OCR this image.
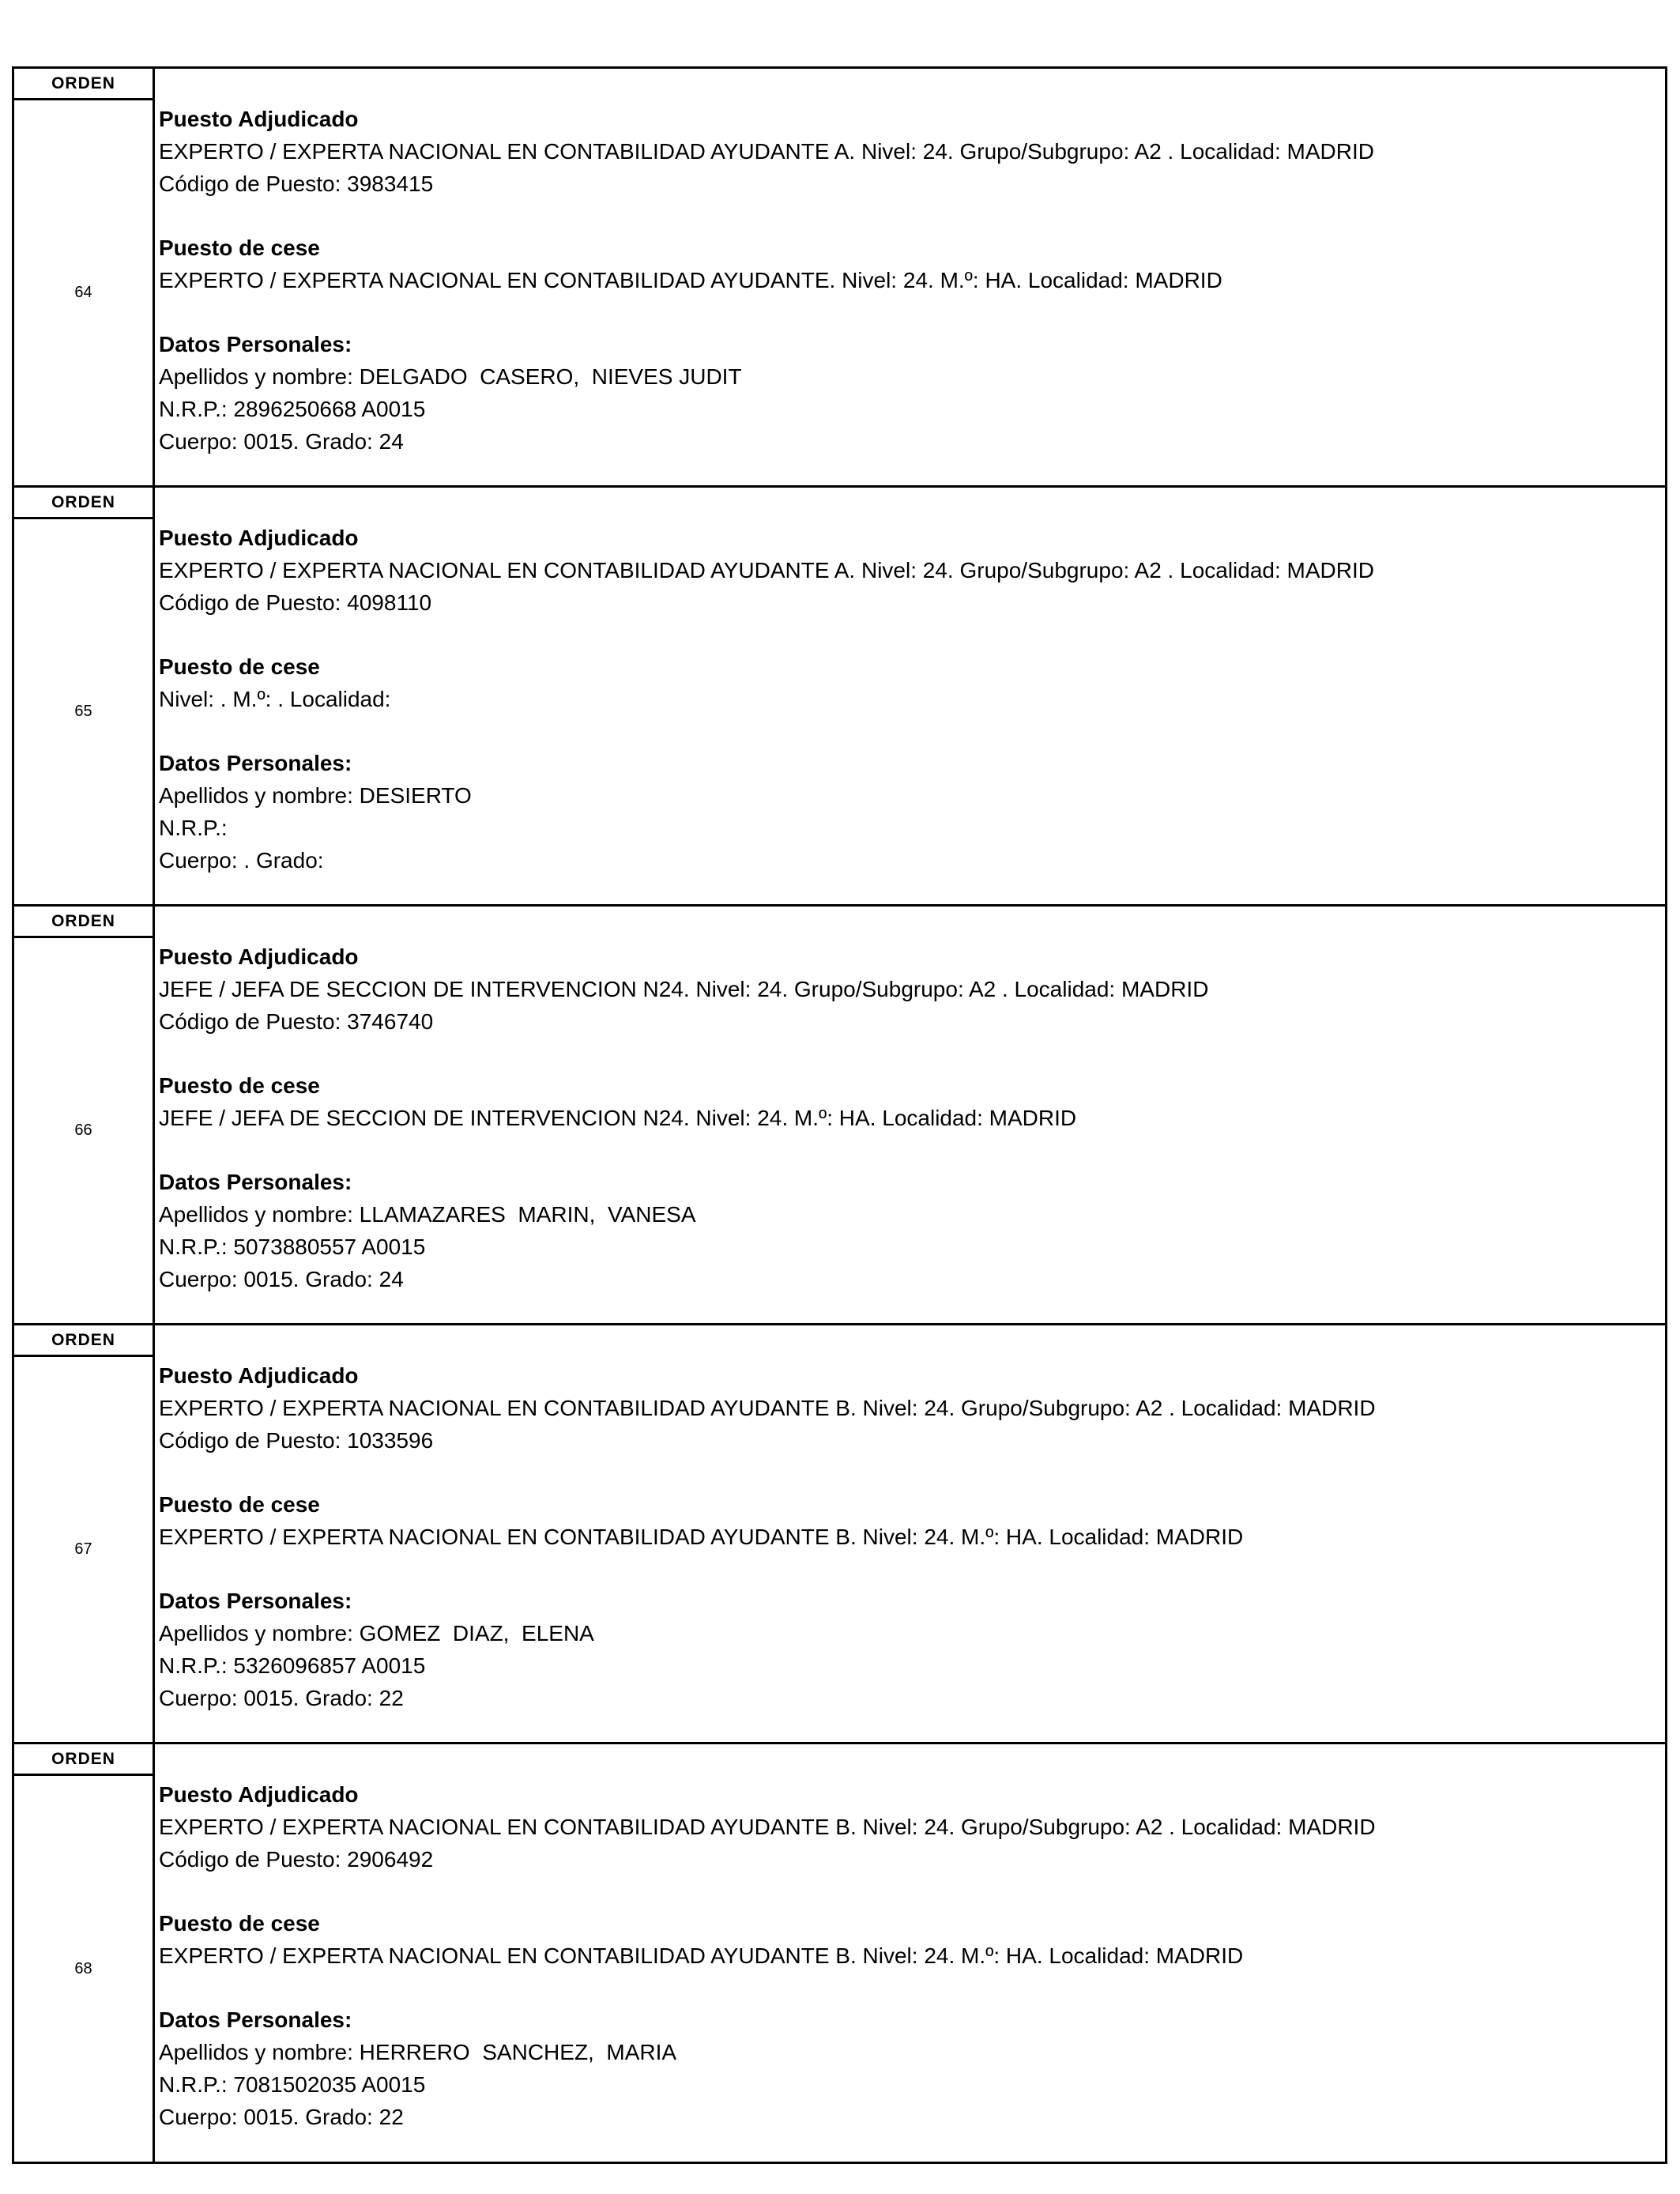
ORDEN
64
Puesto Adjudicado
EXPERTO / EXPERTA NACIONAL EN CONTABILIDAD AYUDANTE A. Nivel: 24. Grupo/Subgrupo: A2 . Localidad: MADRID
Código de Puesto: 3983415
Puesto de cese
EXPERTO / EXPERTA NACIONAL EN CONTABILIDAD AYUDANTE. Nivel: 24. M.º: HA. Localidad: MADRID
Datos Personales:
Apellidos y nombre: DELGADO  CASERO,  NIEVES JUDIT
N.R.P.: 2896250668 A0015
Cuerpo: 0015. Grado: 24
ORDEN
65
Puesto Adjudicado
EXPERTO / EXPERTA NACIONAL EN CONTABILIDAD AYUDANTE A. Nivel: 24. Grupo/Subgrupo: A2 . Localidad: MADRID
Código de Puesto: 4098110
Puesto de cese
Nivel: . M.º: . Localidad:
Datos Personales:
Apellidos y nombre: DESIERTO
N.R.P.:
Cuerpo: . Grado:
ORDEN
66
Puesto Adjudicado
JEFE / JEFA DE SECCION DE INTERVENCION N24. Nivel: 24. Grupo/Subgrupo: A2 . Localidad: MADRID
Código de Puesto: 3746740
Puesto de cese
JEFE / JEFA DE SECCION DE INTERVENCION N24. Nivel: 24. M.º: HA. Localidad: MADRID
Datos Personales:
Apellidos y nombre: LLAMAZARES  MARIN,  VANESA
N.R.P.: 5073880557 A0015
Cuerpo: 0015. Grado: 24
ORDEN
67
Puesto Adjudicado
EXPERTO / EXPERTA NACIONAL EN CONTABILIDAD AYUDANTE B. Nivel: 24. Grupo/Subgrupo: A2 . Localidad: MADRID
Código de Puesto: 1033596
Puesto de cese
EXPERTO / EXPERTA NACIONAL EN CONTABILIDAD AYUDANTE B. Nivel: 24. M.º: HA. Localidad: MADRID
Datos Personales:
Apellidos y nombre: GOMEZ  DIAZ,  ELENA
N.R.P.: 5326096857 A0015
Cuerpo: 0015. Grado: 22
ORDEN
68
Puesto Adjudicado
EXPERTO / EXPERTA NACIONAL EN CONTABILIDAD AYUDANTE B. Nivel: 24. Grupo/Subgrupo: A2 . Localidad: MADRID
Código de Puesto: 2906492
Puesto de cese
EXPERTO / EXPERTA NACIONAL EN CONTABILIDAD AYUDANTE B. Nivel: 24. M.º: HA. Localidad: MADRID
Datos Personales:
Apellidos y nombre: HERRERO  SANCHEZ,  MARIA
N.R.P.: 7081502035 A0015
Cuerpo: 0015. Grado: 22
